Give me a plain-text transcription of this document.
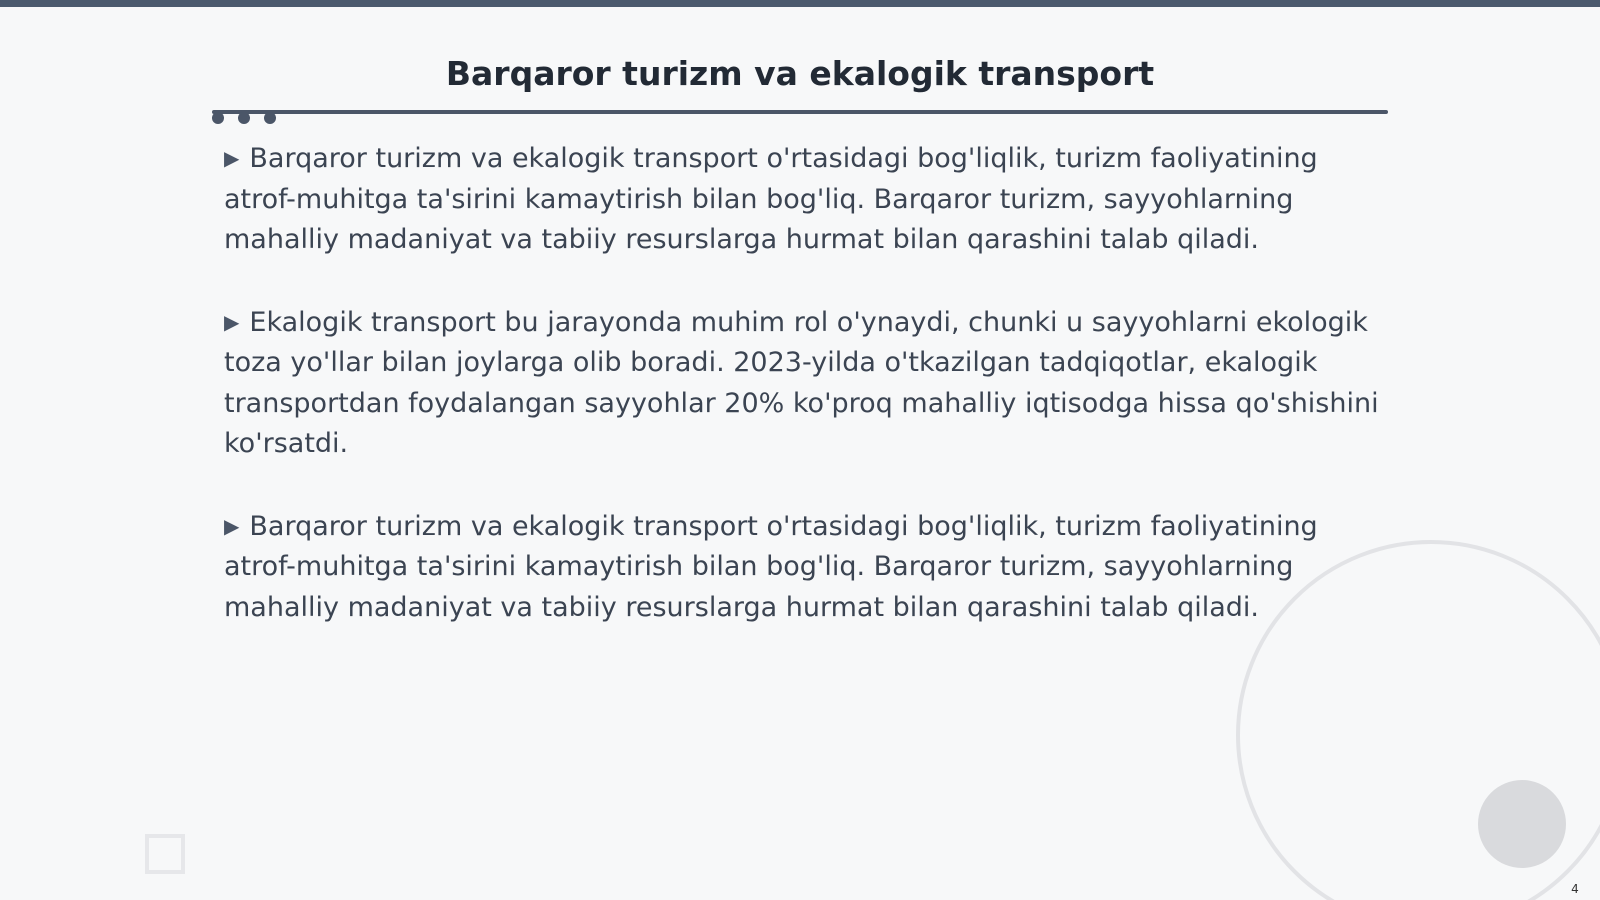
Barqaror turizm va ekalogik transport

▶ Barqaror turizm va ekalogik transport o'rtasidagi bog'liqlik, turizm faoliyatining atrof-muhitga ta'sirini kamaytirish bilan bog'liq. Barqaror turizm, sayyohlarning mahalliy madaniyat va tabiiy resurslarga hurmat bilan qarashini talab qiladi.

▶ Ekalogik transport bu jarayonda muhim rol o'ynaydi, chunki u sayyohlarni ekologik toza yo'llar bilan joylarga olib boradi. 2023-yilda o'tkazilgan tadqiqotlar, ekalogik transportdan foydalangan sayyohlar 20% ko'proq mahalliy iqtisodga hissa qo'shishini ko'rsatdi.

▶ Barqaror turizm va ekalogik transport o'rtasidagi bog'liqlik, turizm faoliyatining atrof-muhitga ta'sirini kamaytirish bilan bog'liq. Barqaror turizm, sayyohlarning mahalliy madaniyat va tabiiy resurslarga hurmat bilan qarashini talab qiladi.

4
